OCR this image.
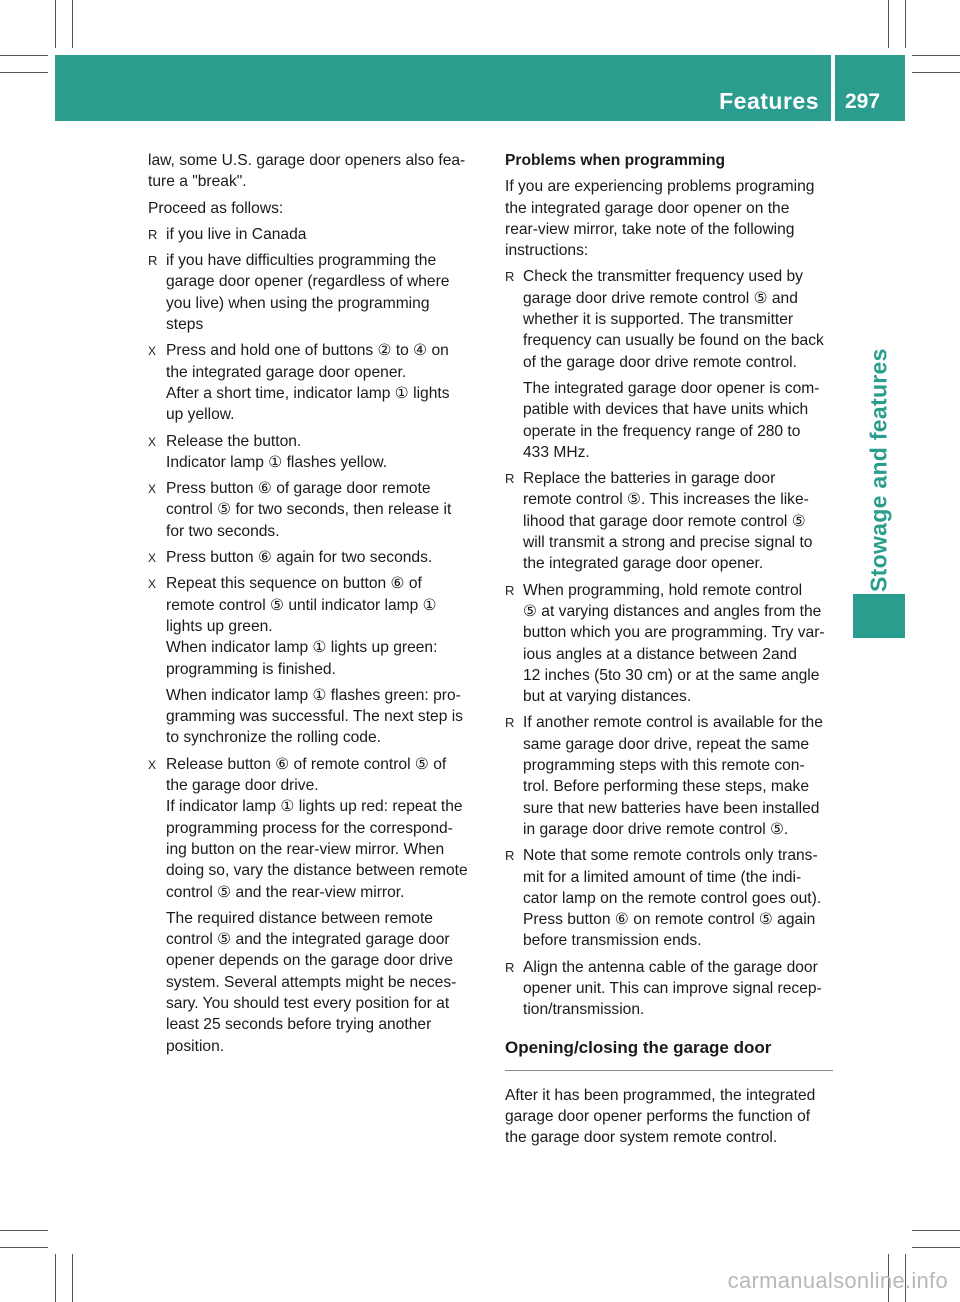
Features 297
Stowage and features

law, some U.S. garage door openers also fea-
ture a "break".

Proceed as follows:

R if you live in Canada
R if you have difficulties programming the
garage door opener (regardless of where
you live) when using the programming
steps
X Press and hold one of buttons ② to ④ on
the integrated garage door opener.
After a short time, indicator lamp ① lights
up yellow.
X Release the button.
Indicator lamp ① flashes yellow.
X Press button ⑥ of garage door remote
control ⑤ for two seconds, then release it
for two seconds.
X Press button ⑥ again for two seconds.
X Repeat this sequence on button ⑥ of
remote control ⑤ until indicator lamp ①
lights up green.
When indicator lamp ① lights up green:
programming is finished.
When indicator lamp ① flashes green: pro-
gramming was successful. The next step is
to synchronize the rolling code.
X Release button ⑥ of remote control ⑤ of
the garage door drive.
If indicator lamp ① lights up red: repeat the
programming process for the correspond-
ing button on the rear-view mirror. When
doing so, vary the distance between remote
control ⑤ and the rear-view mirror.
The required distance between remote
control ⑤ and the integrated garage door
opener depends on the garage door drive
system. Several attempts might be neces-
sary. You should test every position for at
least 25 seconds before trying another
position.
Problems when programming

If you are experiencing problems programing
the integrated garage door opener on the
rear-view mirror, take note of the following
instructions:

R Check the transmitter frequency used by
garage door drive remote control ⑤ and
whether it is supported. The transmitter
frequency can usually be found on the back
of the garage door drive remote control.
The integrated garage door opener is com-
patible with devices that have units which
operate in the frequency range of 280 to
433 MHz.
R Replace the batteries in garage door
remote control ⑤. This increases the like-
lihood that garage door remote control ⑤
will transmit a strong and precise signal to
the integrated garage door opener.
R When programming, hold remote control
⑤ at varying distances and angles from the
button which you are programming. Try var-
ious angles at a distance between 2and
12 inches (5to 30 cm) or at the same angle
but at varying distances.
R If another remote control is available for the
same garage door drive, repeat the same
programming steps with this remote con-
trol. Before performing these steps, make
sure that new batteries have been installed
in garage door drive remote control ⑤.
R Note that some remote controls only trans-
mit for a limited amount of time (the indi-
cator lamp on the remote control goes out).
Press button ⑥ on remote control ⑤ again
before transmission ends.
R Align the antenna cable of the garage door
opener unit. This can improve signal recep-
tion/transmission.
Opening/closing the garage door

After it has been programmed, the integrated
garage door opener performs the function of
the garage door system remote control.

carmanualsonline.info
